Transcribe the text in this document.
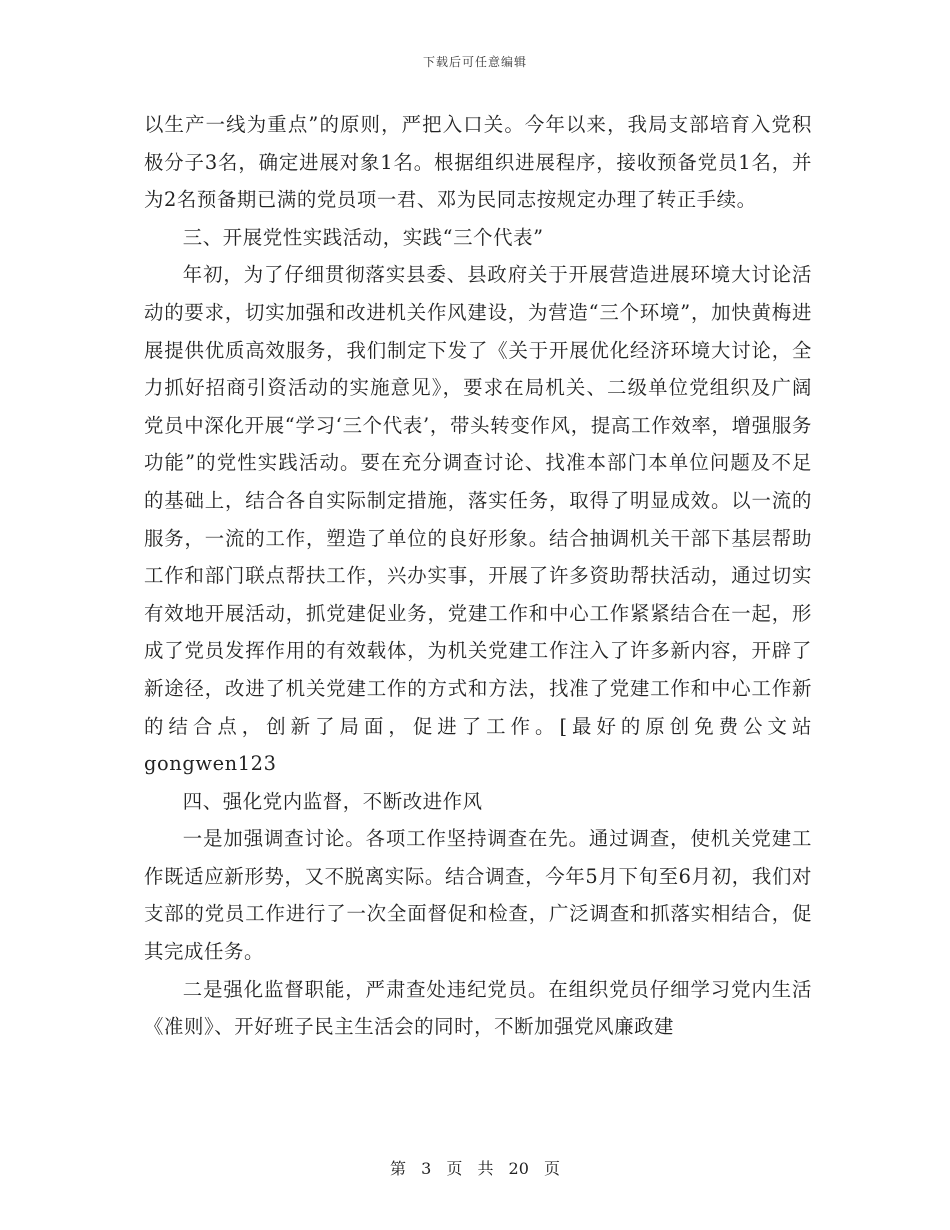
下载后可任意编辑

以生产一线为重点”的原则，严把入口关。今年以来，我局支部培育入党积极分子3名，确定进展对象1名。根据组织进展程序，接收预备党员1名，并为2名预备期已满的党员项一君、邓为民同志按规定办理了转正手续。

三、开展党性实践活动，实践“三个代表”

年初，为了仔细贯彻落实县委、县政府关于开展营造进展环境大讨论活动的要求，切实加强和改进机关作风建设，为营造“三个环境”，加快黄梅进展提供优质高效服务，我们制定下发了《关于开展优化经济环境大讨论，全力抓好招商引资活动的实施意见》，要求在局机关、二级单位党组织及广阔党员中深化开展“学习‘三个代表’，带头转变作风，提高工作效率，增强服务功能”的党性实践活动。要在充分调查讨论、找准本部门本单位问题及不足的基础上，结合各自实际制定措施，落实任务，取得了明显成效。以一流的服务，一流的工作，塑造了单位的良好形象。结合抽调机关干部下基层帮助工作和部门联点帮扶工作，兴办实事，开展了许多资助帮扶活动，通过切实有效地开展活动，抓党建促业务，党建工作和中心工作紧紧结合在一起，形成了党员发挥作用的有效载体，为机关党建工作注入了许多新内容，开辟了新途径，改进了机关党建工作的方式和方法，找准了党建工作和中心工作新的结合点，创新了局面，促进了工作。[最好的原创免费公文站gongwen123

四、强化党内监督，不断改进作风

一是加强调查讨论。各项工作坚持调查在先。通过调查，使机关党建工作既适应新形势，又不脱离实际。结合调查，今年5月下旬至6月初，我们对支部的党员工作进行了一次全面督促和检查，广泛调查和抓落实相结合，促其完成任务。

二是强化监督职能，严肃查处违纪党员。在组织党员仔细学习党内生活《准则》、开好班子民主生活会的同时，不断加强党风廉政建

第 3 页 共 20 页
